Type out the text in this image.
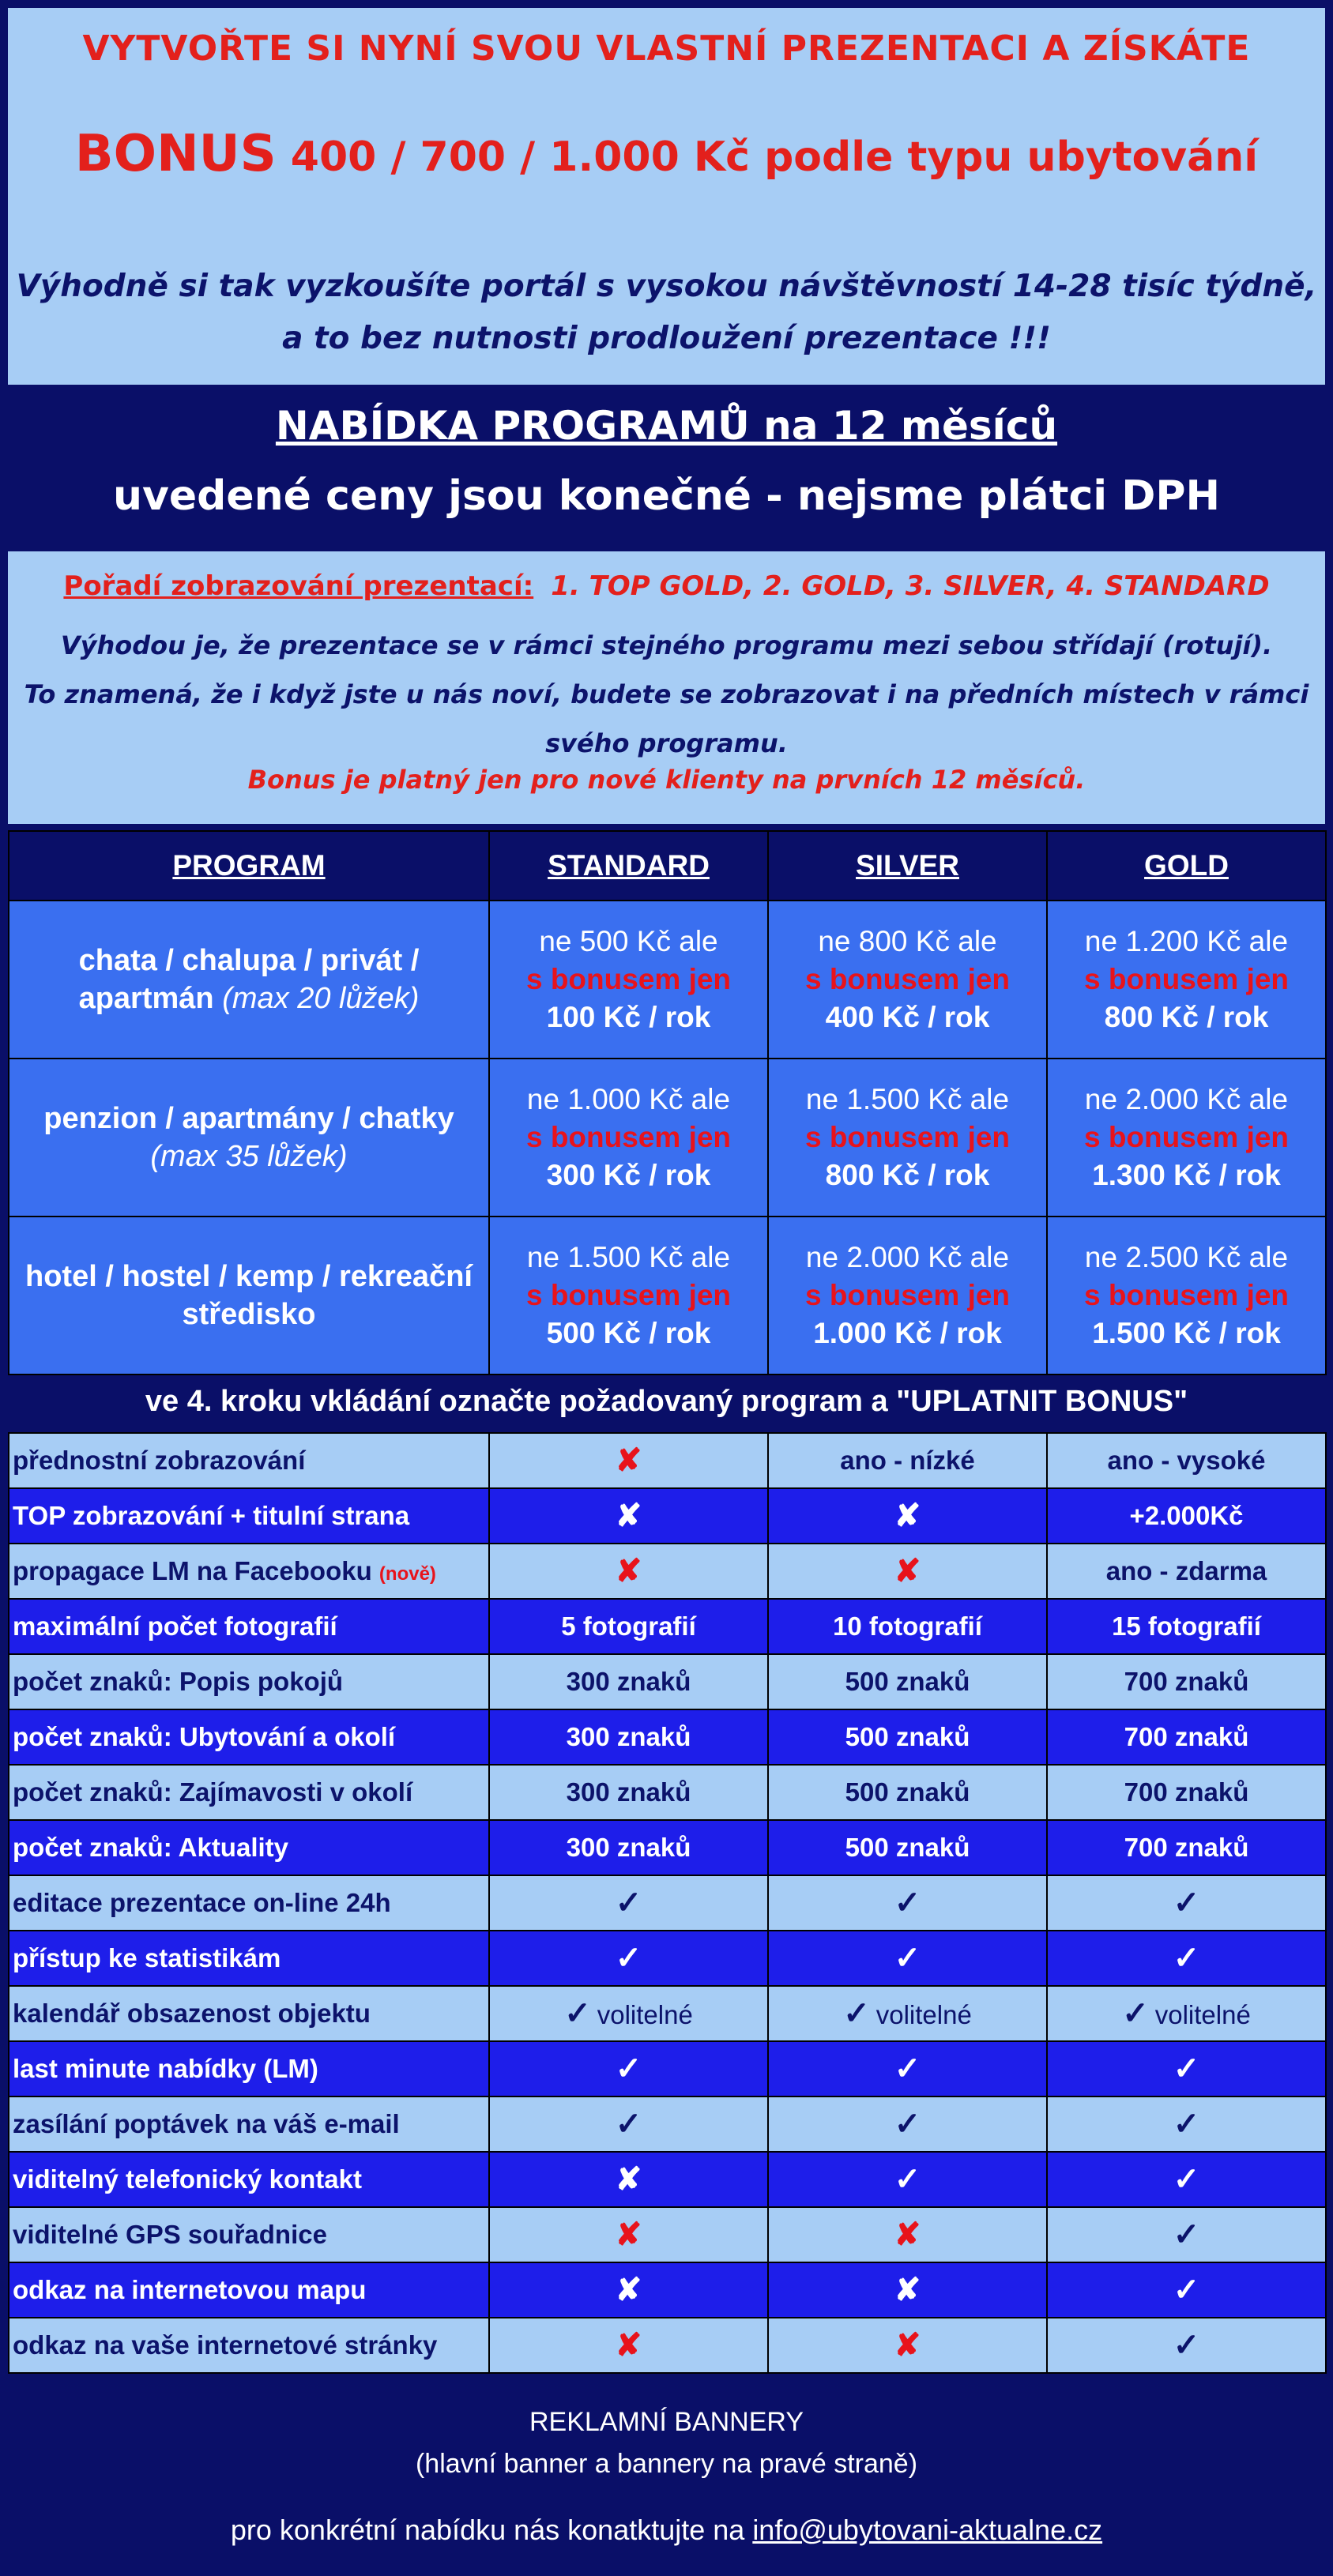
VYTVOŘTE SI NYNÍ SVOU VLASTNÍ PREZENTACI A ZÍSKÁTE
BONUS 400 / 700 / 1.000 Kč podle typu ubytování
Výhodně si tak vyzkoušíte portál s vysokou návštěvností 14-28 tisíc týdně,
a to bez nutnosti prodloužení prezentace !!!
NABÍDKA PROGRAMŮ na 12 měsíců
uvedené ceny jsou konečné - nejsme plátci DPH
Pořadí zobrazování prezentací: 1. TOP GOLD, 2. GOLD, 3. SILVER, 4. STANDARD
Výhodou je, že prezentace se v rámci stejného programu mezi sebou střídají (rotují).
To znamená, že i když jste u nás noví, budete se zobrazovat i na předních místech v rámci svého programu.
Bonus je platný jen pro nové klienty na prvních 12 měsíců.
PROGRAM	STANDARD	SILVER	GOLD
chata / chalupa / privát / apartmán (max 20 lůžek)	ne 500 Kč ale
s bonusem jen
100 Kč / rok	ne 800 Kč ale
s bonusem jen
400 Kč / rok	ne 1.200 Kč ale
s bonusem jen
800 Kč / rok

penzion / apartmány / chatky
(max 35 lůžek)	ne 1.000 Kč ale
s bonusem jen
300 Kč / rok	ne 1.500 Kč ale
s bonusem jen
800 Kč / rok	ne 2.000 Kč ale
s bonusem jen
1.300 Kč / rok

hotel / hostel / kemp / rekreační středisko	ne 1.500 Kč ale
s bonusem jen
500 Kč / rok	ne 2.000 Kč ale
s bonusem jen
1.000 Kč / rok	ne 2.500 Kč ale
s bonusem jen
1.500 Kč / rok
ve 4. kroku vkládání označte požadovaný program a "UPLATNIT BONUS"
přednostní zobrazování	✘	ano - nízké	ano - vysoké
TOP zobrazování + titulní strana	✘	✘	+2.000Kč
propagace LM na Facebooku (nově)	✘	✘	ano - zdarma
maximální počet fotografií	5 fotografií	10 fotografií	15 fotografií
počet znaků: Popis pokojů	300 znaků	500 znaků	700 znaků
počet znaků: Ubytování a okolí	300 znaků	500 znaků	700 znaků
počet znaků: Zajímavosti v okolí	300 znaků	500 znaků	700 znaků
počet znaků: Aktuality	300 znaků	500 znaků	700 znaků
editace prezentace on-line 24h	✓	✓	✓
přístup ke statistikám	✓	✓	✓
kalendář obsazenost objektu	✓ volitelné	✓ volitelné	✓ volitelné
last minute nabídky (LM)	✓	✓	✓
zasílání poptávek na váš e-mail	✓	✓	✓
viditelný telefonický kontakt	✘	✓	✓
viditelné GPS souřadnice	✘	✘	✓
odkaz na internetovou mapu	✘	✘	✓
odkaz na vaše internetové stránky	✘	✘	✓
REKLAMNÍ BANNERY
(hlavní banner a bannery na pravé straně)
pro konkrétní nabídku nás konatktujte na info@ubytovani-aktualne.cz
